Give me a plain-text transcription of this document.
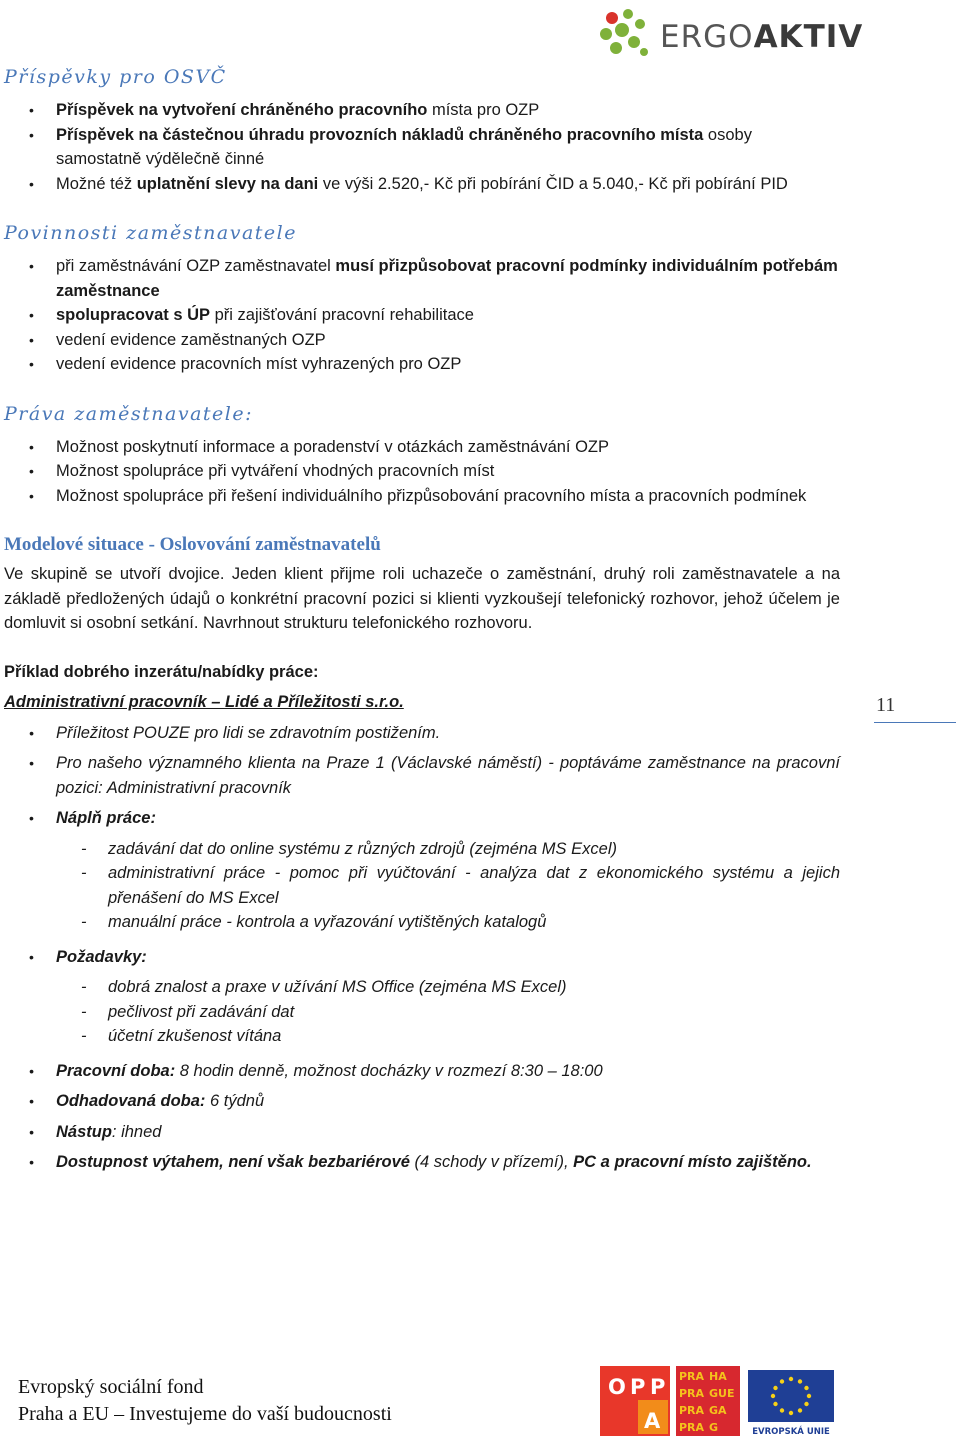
ERGOAKTIV
Příspěvky pro OSVČ
• Příspěvek na vytvoření chráněného pracovního místa pro OZP
• Příspěvek na částečnou úhradu provozních nákladů chráněného pracovního místa osoby samostatně výdělečně činné
• Možné též uplatnění slevy na dani ve výši 2.520,- Kč při pobírání ČID a 5.040,- Kč při pobírání PID
Povinnosti zaměstnavatele
• při zaměstnávání OZP zaměstnavatel musí přizpůsobovat pracovní podmínky individuálním potřebám zaměstnance
• spolupracovat s ÚP při zajišťování pracovní rehabilitace
• vedení evidence zaměstnaných OZP
• vedení evidence pracovních míst vyhrazených pro OZP
Práva zaměstnavatele:
• Možnost poskytnutí informace a poradenství v otázkách zaměstnávání OZP
• Možnost spolupráce při vytváření vhodných pracovních míst
• Možnost spolupráce při řešení individuálního přizpůsobování pracovního místa a pracovních podmínek
Modelové situace - Oslovování zaměstnavatelů

Ve skupině se utvoří dvojice. Jeden klient přijme roli uchazeče o zaměstnání, druhý roli zaměstnavatele a na základě předložených údajů o konkrétní pracovní pozici si klienti vyzkoušejí telefonický rozhovor, jehož účelem je domluvit si osobní setkání. Navrhnout strukturu telefonického rozhovoru.

Příklad dobrého inzerátu/nabídky práce:

Administrativní pracovník – Lidé a Příležitosti s.r.o.

• Příležitost POUZE pro lidi se zdravotním postižením.
• Pro našeho významného klienta na Praze 1 (Václavské náměstí) - poptáváme zaměstnance na pracovní pozici: Administrativní pracovník
• Náplň práce:
- zadávání dat do online systému z různých zdrojů (zejména MS Excel)
- administrativní práce - pomoc při vyúčtování - analýza dat z ekonomického systému a jejich přenášení do MS Excel
- manuální práce - kontrola a vyřazování vytištěných katalogů
• Požadavky:
- dobrá znalost a praxe v užívání MS Office (zejména MS Excel)
- pečlivost při zadávání dat
- účetní zkušenost vítána
• Pracovní doba: 8 hodin denně, možnost docházky v rozmezí 8:30 – 18:00
• Odhadovaná doba: 6 týdnů
• Nástup: ihned
• Dostupnost výtahem, není však bezbariérové (4 schody v přízemí), PC a pracovní místo zajištěno.
11
Evropský sociální fond
Praha a EU – Investujeme do vaší budoucnosti
O P P
A
PRA HA
PRA GUE
PRA GA
PRA G	EVROPSKÁ UNIE
